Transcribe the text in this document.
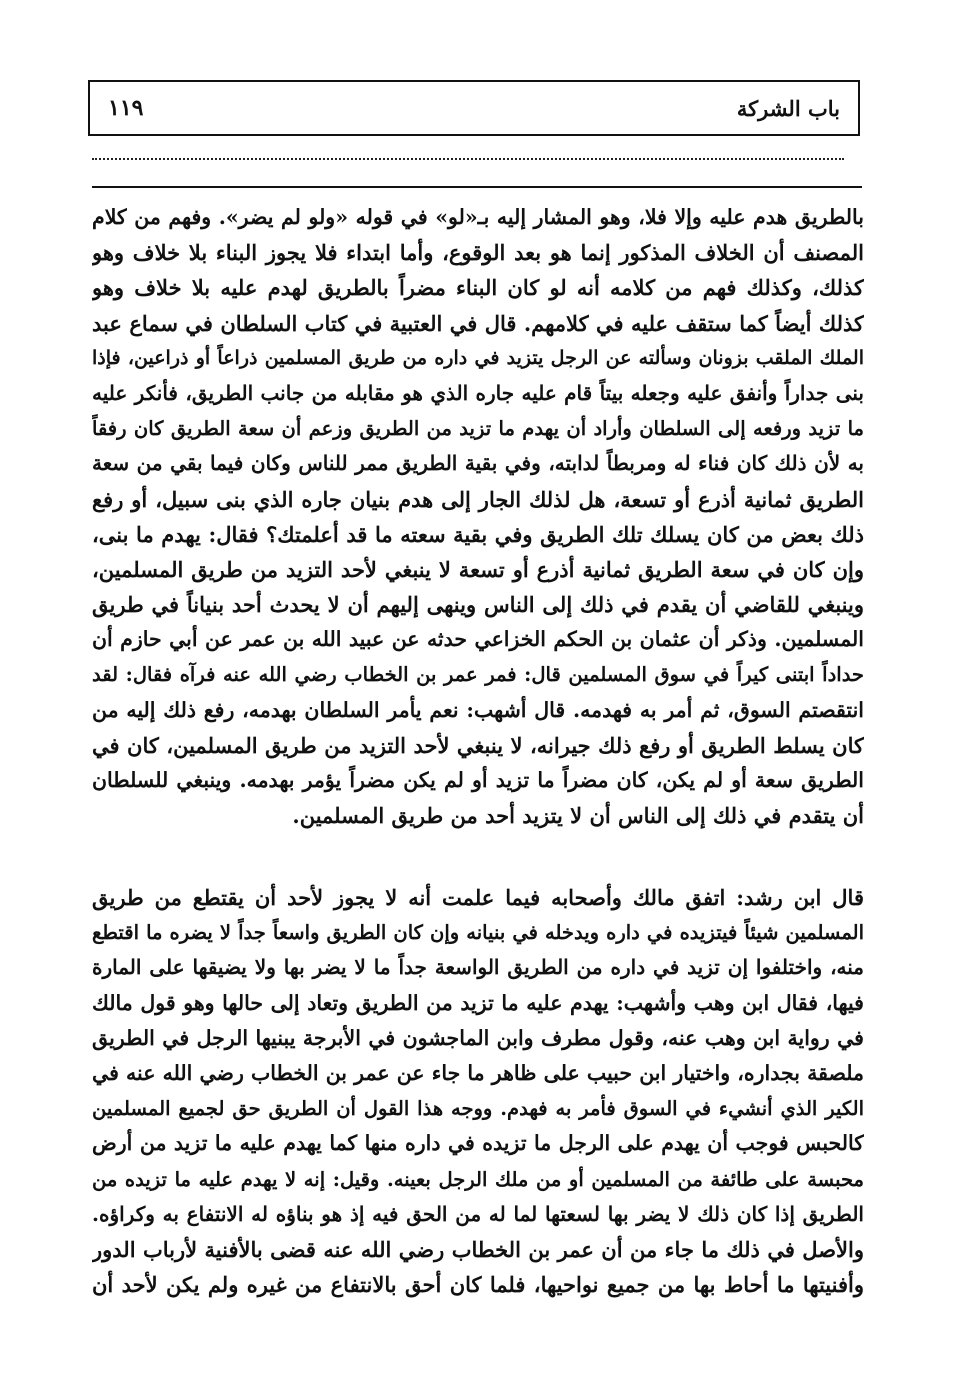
باب الشركة
١١٩
بالطريق هدم عليه وإلا فلا، وهو المشار إليه بـ«لو» في قوله «ولو لم يضر». وفهم من كلام
المصنف أن الخلاف المذكور إنما هو بعد الوقوع، وأما ابتداء فلا يجوز البناء بلا خلاف وهو
كذلك، وكذلك فهم من كلامه أنه لو كان البناء مضراً بالطريق لهدم عليه بلا خلاف وهو
كذلك أيضاً كما ستقف عليه في كلامهم. قال في العتبية في كتاب السلطان في سماع عبد
الملك الملقب بزونان وسألته عن الرجل يتزيد في داره من طريق المسلمين ذراعاً أو ذراعين، فإذا
بنى جداراً وأنفق عليه وجعله بيتاً قام عليه جاره الذي هو مقابله من جانب الطريق، فأنكر عليه
ما تزيد ورفعه إلى السلطان وأراد أن يهدم ما تزيد من الطريق وزعم أن سعة الطريق كان رفقاً
به لأن ذلك كان فناء له ومربطاً لدابته، وفي بقية الطريق ممر للناس وكان فيما بقي من سعة
الطريق ثمانية أذرع أو تسعة، هل لذلك الجار إلى هدم بنيان جاره الذي بنى سبيل، أو رفع
ذلك بعض من كان يسلك تلك الطريق وفي بقية سعته ما قد أعلمتك؟ فقال: يهدم ما بنى،
وإن كان في سعة الطريق ثمانية أذرع أو تسعة لا ينبغي لأحد التزيد من طريق المسلمين،
وينبغي للقاضي أن يقدم في ذلك إلى الناس وينهى إليهم أن لا يحدث أحد بنياناً في طريق
المسلمين. وذكر أن عثمان بن الحكم الخزاعي حدثه عن عبيد الله بن عمر عن أبي حازم أن
حداداً ابتنى كيراً في سوق المسلمين قال: فمر عمر بن الخطاب رضي الله عنه فرآه فقال: لقد
انتقصتم السوق، ثم أمر به فهدمه. قال أشهب: نعم يأمر السلطان بهدمه، رفع ذلك إليه من
كان يسلط الطريق أو رفع ذلك جيرانه، لا ينبغي لأحد التزيد من طريق المسلمين، كان في
الطريق سعة أو لم يكن، كان مضراً ما تزيد أو لم يكن مضراً يؤمر بهدمه. وينبغي للسلطان
أن يتقدم في ذلك إلى الناس أن لا يتزيد أحد من طريق المسلمين.
قال ابن رشد: اتفق مالك وأصحابه فيما علمت أنه لا يجوز لأحد أن يقتطع من طريق
المسلمين شيئاً فيتزيده في داره ويدخله في بنيانه وإن كان الطريق واسعاً جداً لا يضره ما اقتطع
منه، واختلفوا إن تزيد في داره من الطريق الواسعة جداً ما لا يضر بها ولا يضيقها على المارة
فيها، فقال ابن وهب وأشهب: يهدم عليه ما تزيد من الطريق وتعاد إلى حالها وهو قول مالك
في رواية ابن وهب عنه، وقول مطرف وابن الماجشون في الأبرجة يبنيها الرجل في الطريق
ملصقة بجداره، واختيار ابن حبيب على ظاهر ما جاء عن عمر بن الخطاب رضي الله عنه في
الكير الذي أنشيء في السوق فأمر به فهدم. ووجه هذا القول أن الطريق حق لجميع المسلمين
كالحبس فوجب أن يهدم على الرجل ما تزيده في داره منها كما يهدم عليه ما تزيد من أرض
محبسة على طائفة من المسلمين أو من ملك الرجل بعينه. وقيل: إنه لا يهدم عليه ما تزيده من
الطريق إذا كان ذلك لا يضر بها لسعتها لما له من الحق فيه إذ هو بناؤه له الانتفاع به وكراؤه.
والأصل في ذلك ما جاء من أن عمر بن الخطاب رضي الله عنه قضى بالأفنية لأرباب الدور
وأفنيتها ما أحاط بها من جميع نواحيها، فلما كان أحق بالانتفاع من غيره ولم يكن لأحد أن
